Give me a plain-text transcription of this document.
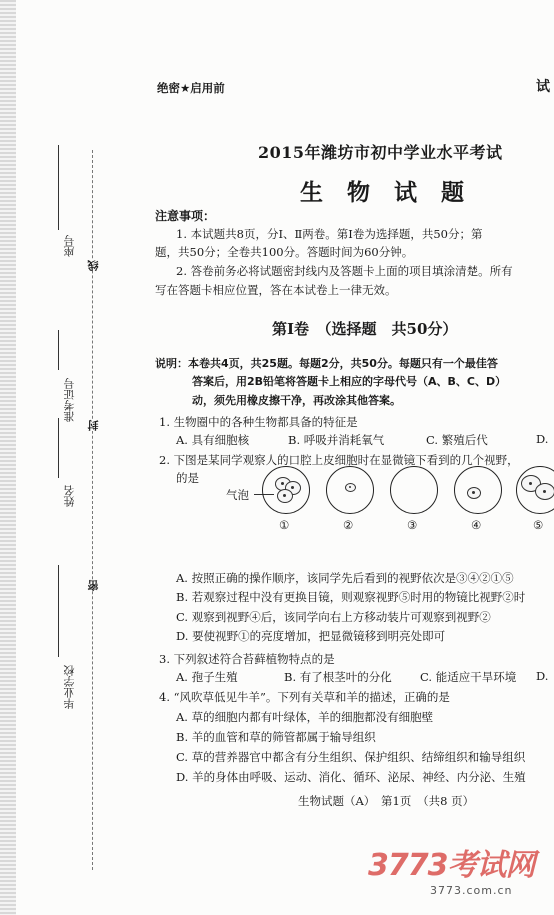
座号
准考证号
姓名
毕业学校
线
封
密
绝密★启用前	试
2015年潍坊市初中学业水平考试
生 物 试 题
注意事项：
1. 本试题共8页，分Ⅰ、Ⅱ两卷。第Ⅰ卷为选择题，共50分；第
题，共50分；全卷共100分。答题时间为60分钟。
2. 答卷前务必将试题密封线内及答题卡上面的项目填涂清楚。所有
写在答题卡相应位置，答在本试卷上一律无效。
第Ⅰ卷　（选择题　共50分）
说明：本卷共4页，共25题。每题2分，共50分。每题只有一个最佳答
答案后，用2B铅笔将答题卡上相应的字母代号（A、B、C、D）
动，须先用橡皮擦干净，再改涂其他答案。
1. 生物圈中的各种生物都具备的特征是
A. 具有细胞核	B. 呼吸并消耗氧气	C. 繁殖后代	D.
2. 下图是某同学观察人的口腔上皮细胞时在显微镜下看到的几个视野，
的是
气泡
①	②	③	④	⑤
A. 按照正确的操作顺序，该同学先后看到的视野依次是③④②①⑤
B. 若观察过程中没有更换目镜，则观察视野⑤时用的物镜比视野②时
C. 观察到视野④后，该同学向右上方移动装片可观察到视野②
D. 要使视野①的亮度增加，把显微镜移到明亮处即可
3. 下列叙述符合苔藓植物特点的是
A. 孢子生殖	B. 有了根茎叶的分化 C. 能适应干旱环境 D.
4. “风吹草低见牛羊”。下列有关草和羊的描述，正确的是
A. 草的细胞内都有叶绿体，羊的细胞都没有细胞壁
B. 羊的血管和草的筛管都属于输导组织
C. 草的营养器官中都含有分生组织、保护组织、结缔组织和输导组织
D. 羊的身体由呼吸、运动、消化、循环、泌尿、神经、内分泌、生殖
生物试题（A）　第1页　（共8 页）
3773考试网
3773.com.cn
